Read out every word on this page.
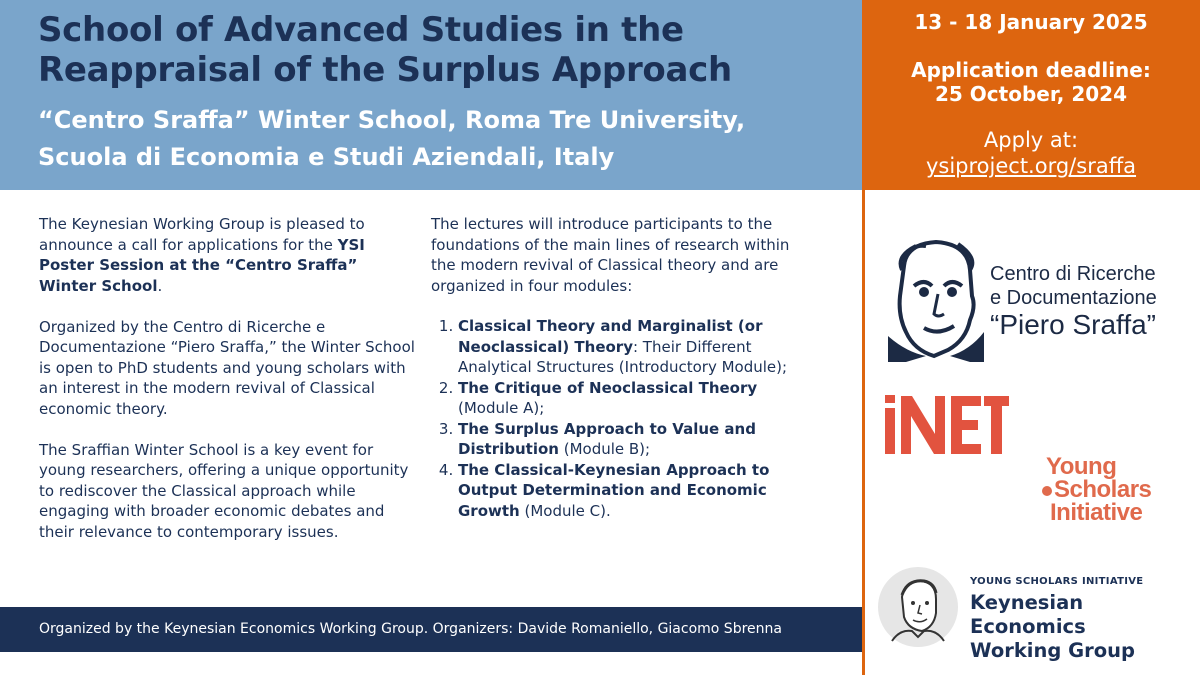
School of Advanced Studies in the
Reappraisal of the Surplus Approach
“Centro Sraffa” Winter School, Roma Tre University,
Scuola di Economia e Studi Aziendali, Italy
13 - 18 January 2025
Application deadline:
25 October, 2024
Apply at:
ysiproject.org/sraffa

The Keynesian Working Group is pleased to announce a call for applications for the YSI Poster Session at the “Centro Sraffa” Winter School.

Organized by the Centro di Ricerche e Documentazione “Piero Sraffa,” the Winter School is open to PhD students and young scholars with an interest in the modern revival of Classical economic theory.

The Sraffian Winter School is a key event for young researchers, offering a unique opportunity to rediscover the Classical approach while engaging with broader economic debates and their relevance to contemporary issues.

The lectures will introduce participants to the foundations of the main lines of research within the modern revival of Classical theory and are organized in four modules:

1. Classical Theory and Marginalist (or Neoclassical) Theory: Their Different Analytical Structures (Introductory Module);
2. The Critique of Neoclassical Theory (Module A);
3. The Surplus Approach to Value and Distribution (Module B);
4. The Classical-Keynesian Approach to Output Determination and Economic Growth (Module C).
Organized by the Keynesian Economics Working Group. Organizers: Davide Romaniello, Giacomo Sbrenna
Centro di Ricerche
e Documentazione
“Piero Sraffa”
Young
Scholars
Initiative
YOUNG SCHOLARS INITIATIVE
Keynesian Economics
Working Group
